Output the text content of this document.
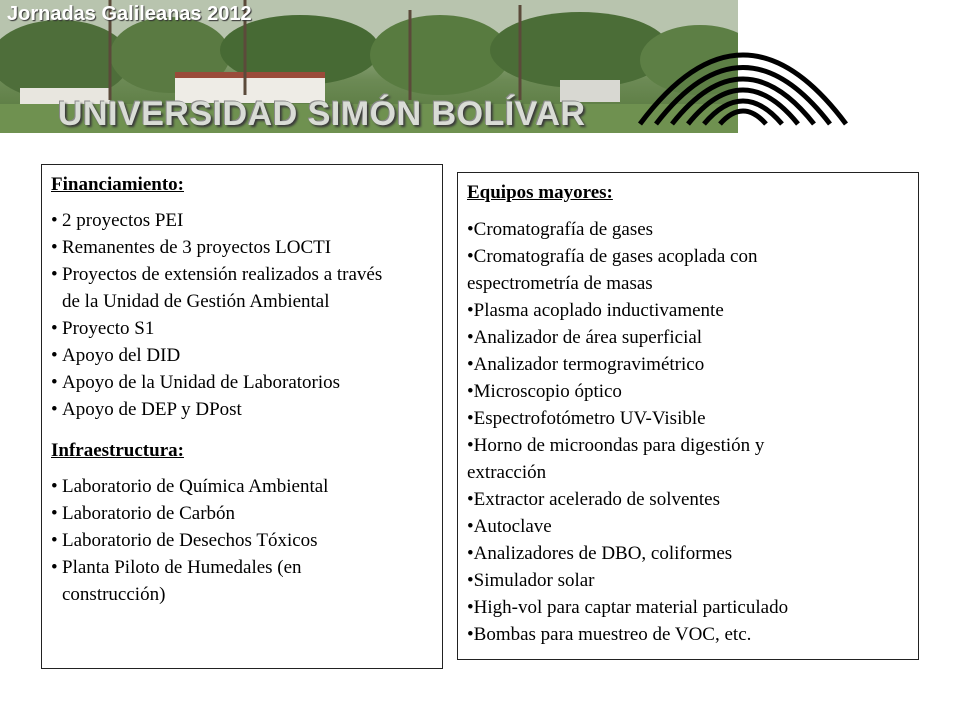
Jornadas Galileanas 2012
UNIVERSIDAD SIMÓN BOLÍVAR
Financiamiento:
• 2 proyectos PEI
• Remanentes de 3 proyectos LOCTI
• Proyectos de extensión realizados a través de la Unidad de Gestión Ambiental
• Proyecto S1
• Apoyo del DID
• Apoyo de la Unidad de Laboratorios
• Apoyo de DEP y DPost
Infraestructura:
• Laboratorio de Química Ambiental
• Laboratorio de Carbón
• Laboratorio de Desechos Tóxicos
• Planta Piloto de Humedales (en construcción)
Equipos mayores:
• Cromatografía de gases
• Cromatografía de gases acoplada con espectrometría de masas
• Plasma acoplado inductivamente
• Analizador de área superficial
• Analizador termogravimétrico
• Microscopio óptico
• Espectrofotómetro UV-Visible
• Horno de microondas para digestión y extracción
• Extractor acelerado de solventes
• Autoclave
• Analizadores de DBO, coliformes
• Simulador solar
• High-vol para captar material particulado
• Bombas para muestreo de VOC, etc.
